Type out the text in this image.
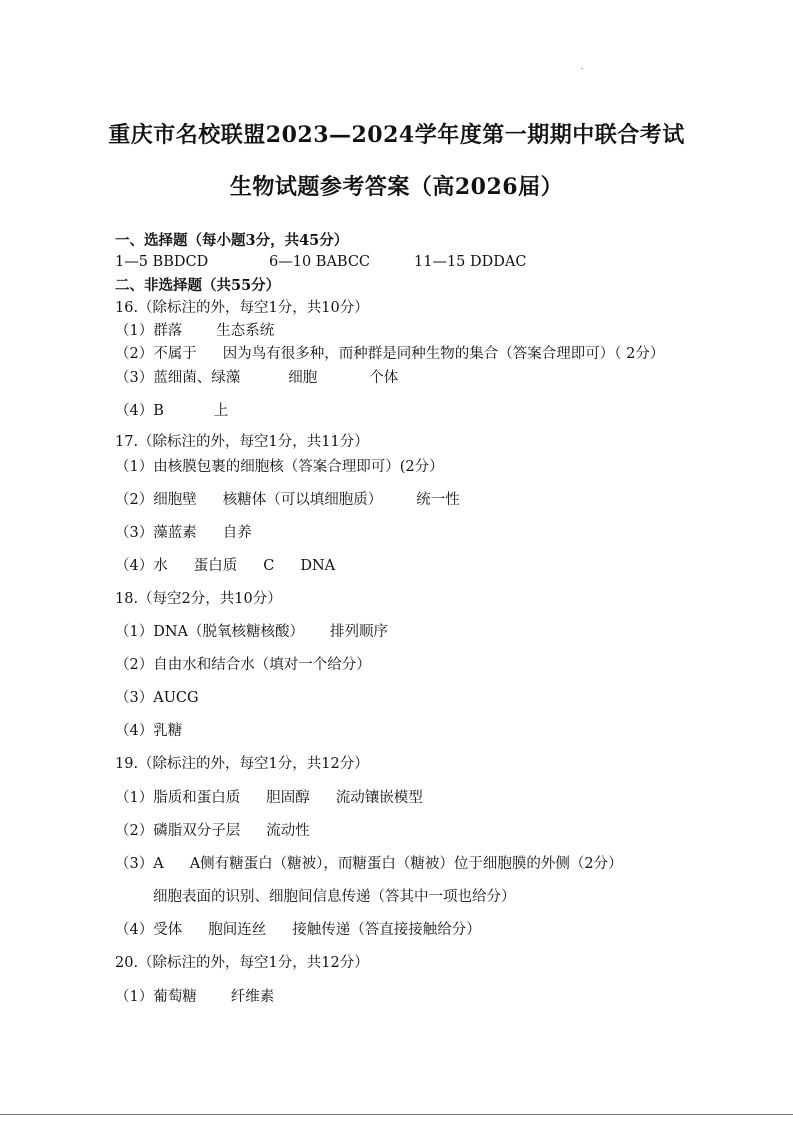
.
重庆市名校联盟2023—2024学年度第一期期中联合考试
生物试题参考答案（高2026届）
一、选择题（每小题3分，共45分）
1—5 BBDCD	6—10 BABCC	11—15 DDDAC
二、非选择题（共55分）
16.（除标注的外，每空1分，共10分）
（1）群落 生态系统
（2）不属于 因为鸟有很多种，而种群是同种生物的集合（答案合理即可）（ 2分）
（3）蓝细菌、绿藻	细胞	个体
（4）B	上
17.（除标注的外，每空1分，共11分）
（1）由核膜包裹的细胞核（答案合理即可）(2分）
（2）细胞壁 核糖体（可以填细胞质） 统一性
（3）藻蓝素 自养
（4）水 蛋白质 C DNA
18.（每空2分，共10分）
（1）DNA（脱氧核糖核酸） 排列顺序
（2）自由水和结合水（填对一个给分）
（3）AUCG
（4）乳糖
19.（除标注的外，每空1分，共12分）
（1）脂质和蛋白质 胆固醇 流动镶嵌模型
（2）磷脂双分子层 流动性
（3）A A侧有糖蛋白（糖被），而糖蛋白（糖被）位于细胞膜的外侧（2分）
细胞表面的识别、细胞间信息传递（答其中一项也给分）
（4）受体 胞间连丝 接触传递（答直接接触给分）
20.（除标注的外，每空1分，共12分）
（1）葡萄糖 纤维素
